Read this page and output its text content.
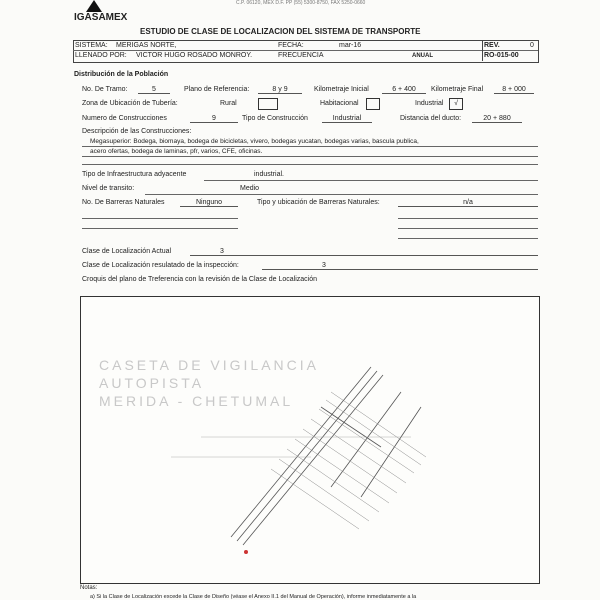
C.P. 06120, MEX D.F. PP (55) 5300-8750, FAX 5250-0660
IGASAMEX
ESTUDIO DE CLASE DE LOCALIZACION DEL SISTEMA DE TRANSPORTE
SISTEMA: MERIGAS NORTE,	FECHA:	mar-16	REV.	0
LLENADO POR: VICTOR HUGO ROSADO MONROY.	FRECUENCIA	ANUAL	RO-015-00
Distribución de la Población
No. De Tramo:	5	Plano de Referencia:	8 y 9	Kilometraje Inicial	6 + 400	Kilometraje Final	8 + 000
Zona de Ubicación de Tubería:	Rural	Habitacional	Industrial	√
Numero de Construcciones	9	Tipo de Construcción	Industrial	Distancia del ducto:	20 + 880
Descripción de las Construcciones:
Megasuperior: Bodega, biomaya, bodega de bicicletas, vivero, bodegas yucatan, bodegas varias, bascula publica,
acero ofertas, bodega de laminas, pfr, varios, CFE, oficinas.
Tipo de Infraestructura adyacente	industrial.
Nivel de transito:	Medio
No. De Barreras Naturales	Ninguno	Tipo y ubicación de Barreras Naturales:	n/a
Clase de Localización Actual	3
Clase de Localización resulatado de la inspección:	3
Croquis del plano de Treferencia con la revisión de la Clase de Localización
CASETA DE VIGILANCIA
AUTOPISTA
MERIDA - CHETUMAL
Notas:
a) Si la Clase de Localización excede la Clase de Diseño (véase el Anexo II.1 del Manual de Operación), informe inmediatamente a la
